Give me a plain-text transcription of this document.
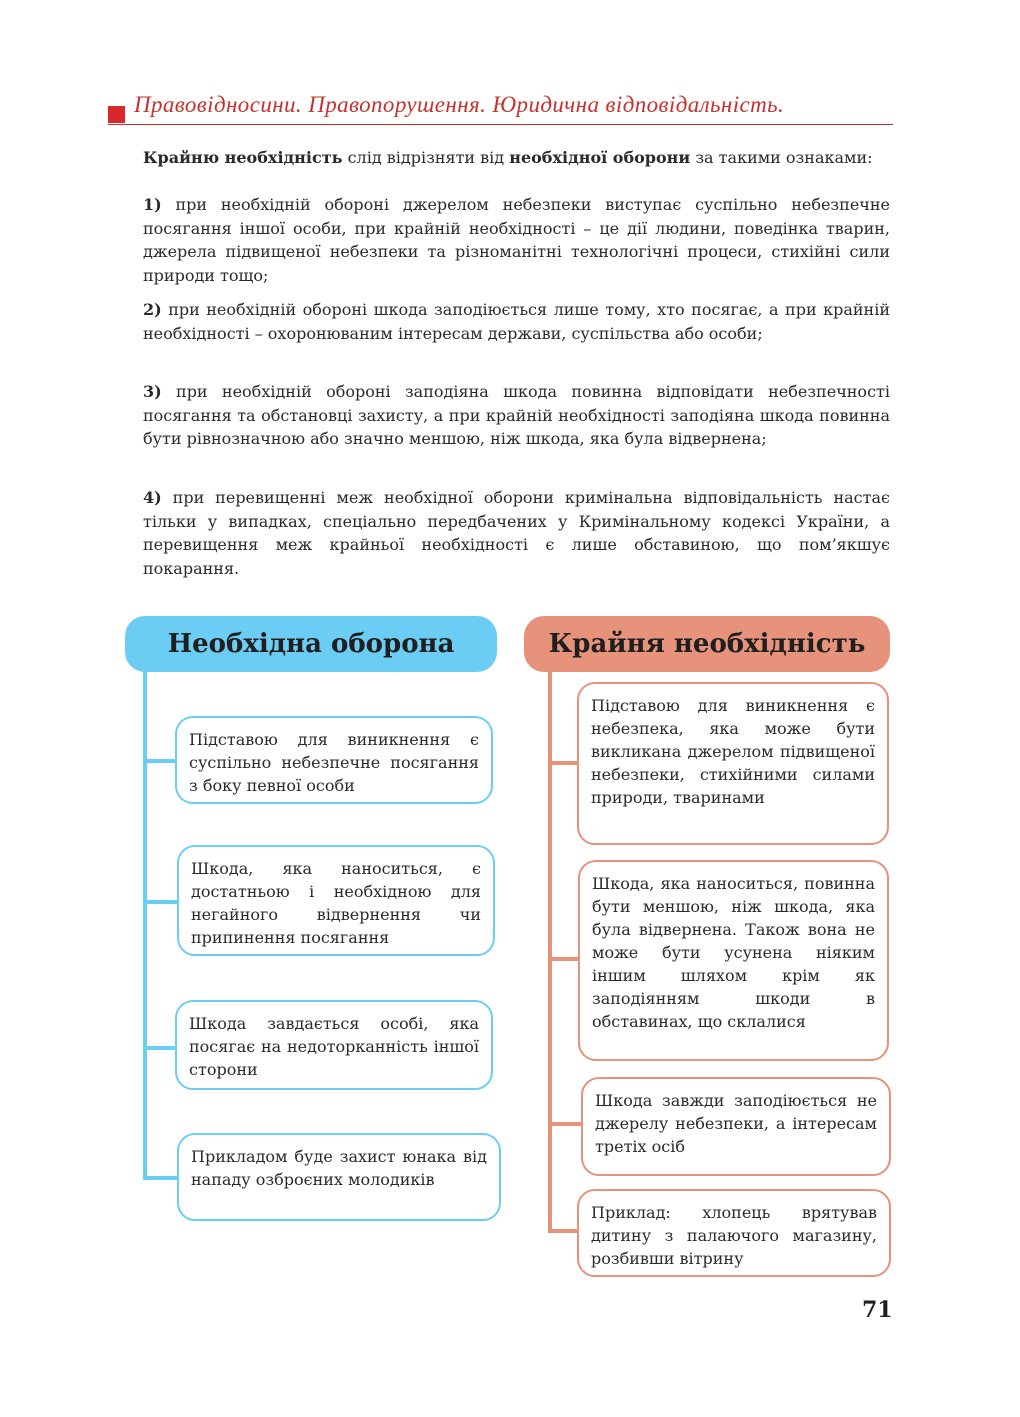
Правовідносини. Правопорушення. Юридична відповідальність.
Крайню необхідність слід відрізняти від необхідної оборони за такими ознаками:
1) при необхідній обороні джерелом небезпеки виступає суспільно небезпечне посягання іншої особи, при крайній необхідності – це дії людини, поведінка тварин, джерела підвищеної небезпеки та різноманітні технологічні процеси, стихійні сили природи тощо;
2) при необхідній обороні шкода заподіюється лише тому, хто посягає, а при крайній необхідності – охоронюваним інтересам держави, суспільства або особи;
3) при необхідній обороні заподіяна шкода повинна відповідати небезпечності посягання та обстановці захисту, а при крайній необхідності заподіяна шкода повинна бути рівнозначною або значно меншою, ніж шкода, яка була відвернена;
4) при перевищенні меж необхідної оборони кримінальна відповідальність настає тільки у випадках, спеціально передбачених у Кримінальному кодексі України, а перевищення меж крайньої необхідності є лише обставиною, що пом’якшує покарання.
Необхідна оборона
Підставою для виникнення є суспільно небезпечне посягання з боку певної особи
Шкода, яка наноситься, є достатньою і необхідною для негайного відвернення чи припинення посягання
Шкода завдається особі, яка посягає на недоторканність іншої сторони
Прикладом буде захист юнака від нападу озброєних молодиків
Крайня необхідність
Підставою для виникнення є небезпека, яка може бути викликана джерелом підвищеної небезпеки, стихійними силами природи, тваринами
Шкода, яка наноситься, повинна бути меншою, ніж шкода, яка була відвернена. Також вона не може бути усунена ніяким іншим шляхом крім як заподіянням шкоди в обставинах, що склалися
Шкода завжди заподіюється не джерелу небезпеки, а інтересам третіх осіб
Приклад: хлопець врятував дитину з палаючого магазину, розбивши вітрину
71
